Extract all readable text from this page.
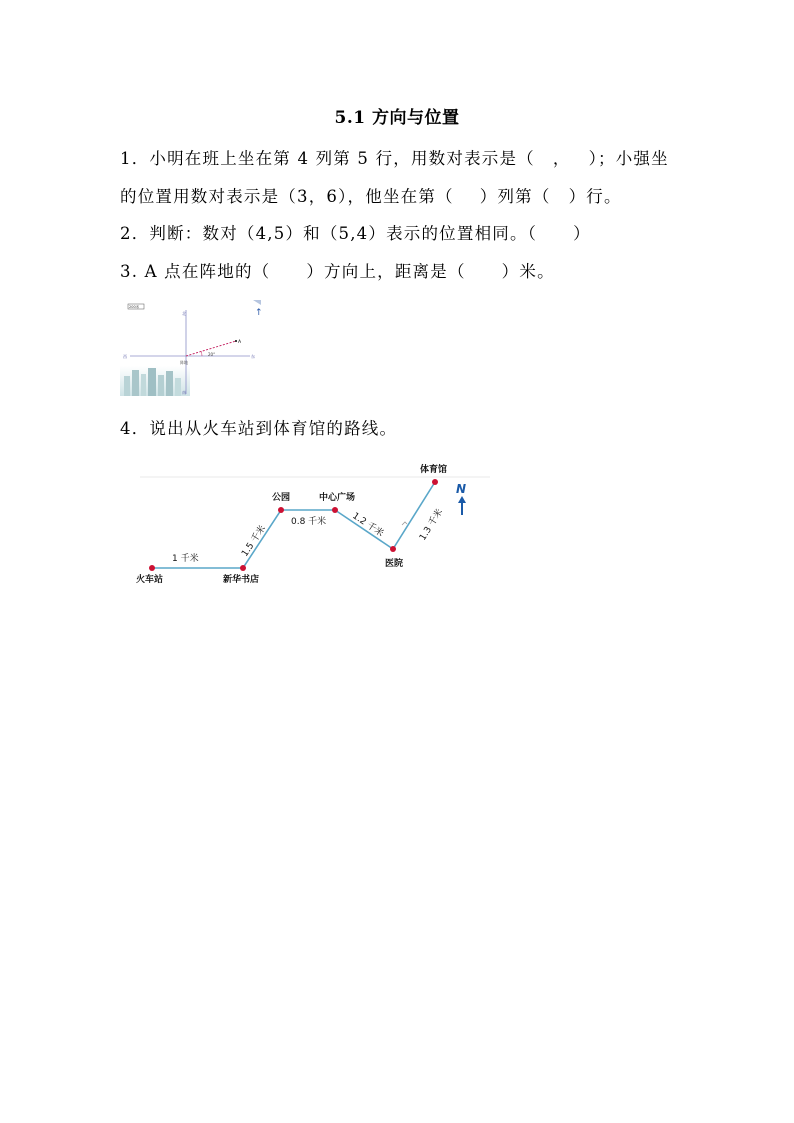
5.1 方向与位置
1．小明在班上坐在第 4 列第 5 行，用数对表示是（ ， ）；小强坐
的位置用数对表示是（3，6），他坐在第（ ）列第（ ）行。
2．判断：数对（4,5）和（5,4）表示的位置相同。（ ）
3. A 点在阵地的（ ）方向上，距离是（ ）米。
200米
北
南
西	东
阵地
20°
A
↑
4．说出从火车站到体育馆的路线。
火车站	新华书店
公园	中心广场
医院
体育馆
1 千米
1.5 千米
0.8 千米	1.2 千米	1.3 千米
N
